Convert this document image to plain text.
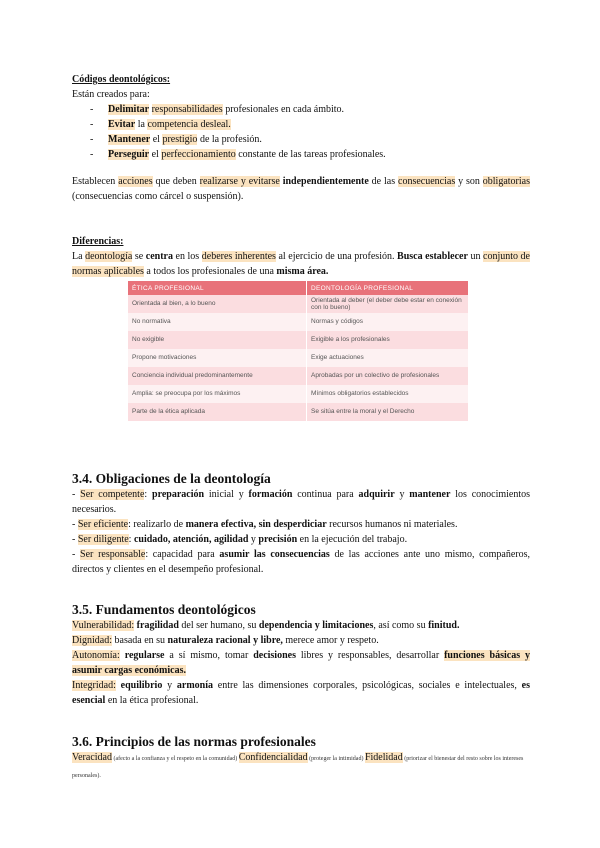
Códigos deontológicos:
Están creados para:
- Delimitar responsabilidades profesionales en cada ámbito.
- Evitar la competencia desleal.
- Mantener el prestigio de la profesión.
- Perseguir el perfeccionamiento constante de las tareas profesionales.
Establecen acciones que deben realizarse y evitarse independientemente de las consecuencias y son obligatorias (consecuencias como cárcel o suspensión).
Diferencias:
La deontología se centra en los deberes inherentes al ejercicio de una profesión. Busca establecer un conjunto de normas aplicables a todos los profesionales de una misma área.
ÉTICA PROFESIONAL	DEONTOLOGÍA PROFESIONAL
Orientada al bien, a lo bueno	Orientada al deber (el deber debe estar en conexión con lo bueno)
No normativa	Normas y códigos
No exigible	Exigible a los profesionales
Propone motivaciones	Exige actuaciones
Conciencia individual predominantemente	Aprobadas por un colectivo de profesionales
Amplia: se preocupa por los máximos	Mínimos obligatorios establecidos
Parte de la ética aplicada	Se sitúa entre la moral y el Derecho
3.4. Obligaciones de la deontología
- Ser competente: preparación inicial y formación continua para adquirir y mantener los conocimientos necesarios.
- Ser eficiente: realizarlo de manera efectiva, sin desperdiciar recursos humanos ni materiales.
- Ser diligente: cuidado, atención, agilidad y precisión en la ejecución del trabajo.
- Ser responsable: capacidad para asumir las consecuencias de las acciones ante uno mismo, compañeros, directos y clientes en el desempeño profesional.
3.5. Fundamentos deontológicos
Vulnerabilidad: fragilidad del ser humano, su dependencia y limitaciones, así como su finitud.
Dignidad: basada en su naturaleza racional y libre, merece amor y respeto.
Autonomía: regularse a sí mismo, tomar decisiones libres y responsables, desarrollar funciones básicas y asumir cargas económicas.
Integridad: equilibrio y armonía entre las dimensiones corporales, psicológicas, sociales e intelectuales, es esencial en la ética profesional.
3.6. Principios de las normas profesionales
Veracidad (afecto a la confianza y el respeto en la comunidad) Confidencialidad (proteger la intimidad) Fidelidad (priorizar el bienestar del resto sobre los intereses personales).
